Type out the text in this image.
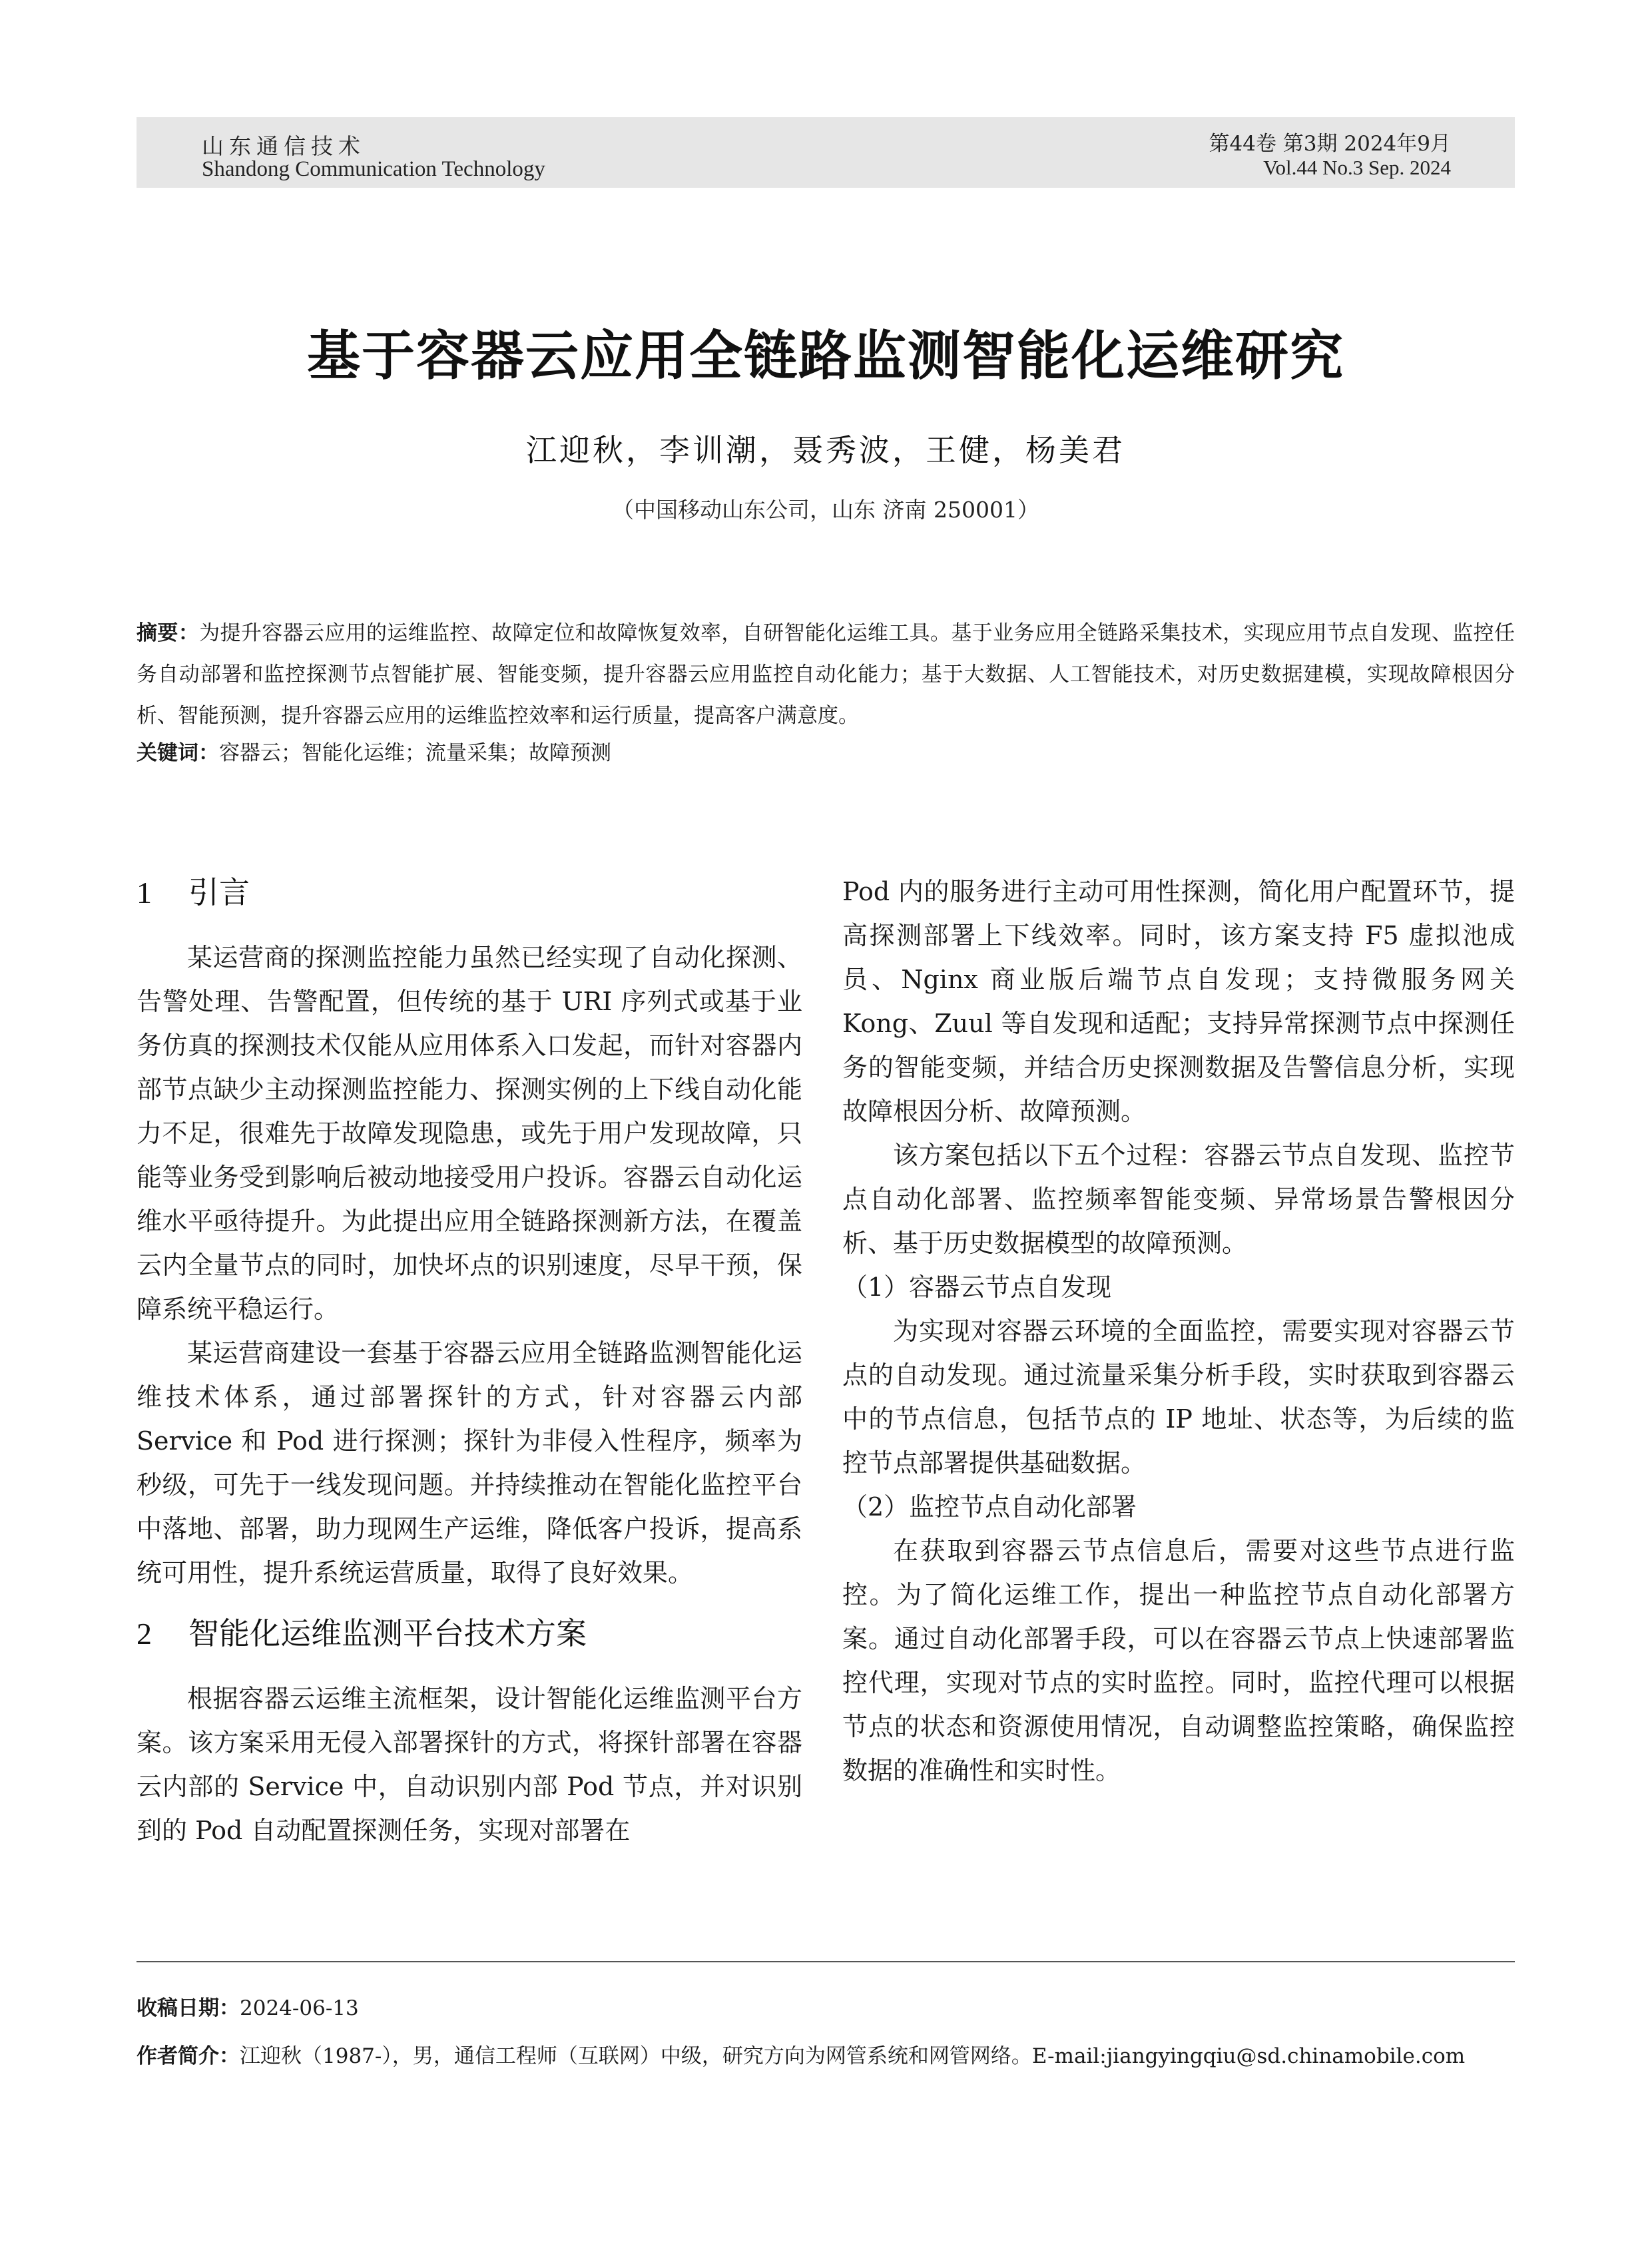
山东通信技术
Shandong Communication Technology
第44卷 第3期 2024年9月
Vol.44 No.3 Sep. 2024
基于容器云应用全链路监测智能化运维研究
江迎秋，李训潮，聂秀波，王健，杨美君
（中国移动山东公司，山东 济南 250001）
摘要：为提升容器云应用的运维监控、故障定位和故障恢复效率，自研智能化运维工具。基于业务应用全链路采集技术，实现应用节点自发现、监控任务自动部署和监控探测节点智能扩展、智能变频，提升容器云应用监控自动化能力；基于大数据、人工智能技术，对历史数据建模，实现故障根因分析、智能预测，提升容器云应用的运维监控效率和运行质量，提高客户满意度。
关键词：容器云；智能化运维；流量采集；故障预测
1 引言

某运营商的探测监控能力虽然已经实现了自动化探测、告警处理、告警配置，但传统的基于 URI 序列式或基于业务仿真的探测技术仅能从应用体系入口发起，而针对容器内部节点缺少主动探测监控能力、探测实例的上下线自动化能力不足，很难先于故障发现隐患，或先于用户发现故障，只能等业务受到影响后被动地接受用户投诉。容器云自动化运维水平亟待提升。为此提出应用全链路探测新方法，在覆盖云内全量节点的同时，加快坏点的识别速度，尽早干预，保障系统平稳运行。

某运营商建设一套基于容器云应用全链路监测智能化运维技术体系，通过部署探针的方式，针对容器云内部 Service 和 Pod 进行探测；探针为非侵入性程序，频率为秒级，可先于一线发现问题。并持续推动在智能化监控平台中落地、部署，助力现网生产运维，降低客户投诉，提高系统可用性，提升系统运营质量，取得了良好效果。

2 智能化运维监测平台技术方案

根据容器云运维主流框架，设计智能化运维监测平台方案。该方案采用无侵入部署探针的方式，将探针部署在容器云内部的 Service 中，自动识别内部 Pod 节点，并对识别到的 Pod 自动配置探测任务，实现对部署在

Pod 内的服务进行主动可用性探测，简化用户配置环节，提高探测部署上下线效率。同时，该方案支持 F5 虚拟池成员、Nginx 商业版后端节点自发现；支持微服务网关 Kong、Zuul 等自发现和适配；支持异常探测节点中探测任务的智能变频，并结合历史探测数据及告警信息分析，实现故障根因分析、故障预测。

该方案包括以下五个过程：容器云节点自发现、监控节点自动化部署、监控频率智能变频、异常场景告警根因分析、基于历史数据模型的故障预测。

（1）容器云节点自发现

为实现对容器云环境的全面监控，需要实现对容器云节点的自动发现。通过流量采集分析手段，实时获取到容器云中的节点信息，包括节点的 IP 地址、状态等，为后续的监控节点部署提供基础数据。

（2）监控节点自动化部署

在获取到容器云节点信息后，需要对这些节点进行监控。为了简化运维工作，提出一种监控节点自动化部署方案。通过自动化部署手段，可以在容器云节点上快速部署监控代理，实现对节点的实时监控。同时，监控代理可以根据节点的状态和资源使用情况，自动调整监控策略，确保监控数据的准确性和实时性。

收稿日期：2024-06-13
作者简介：江迎秋（1987-），男，通信工程师（互联网）中级，研究方向为网管系统和网管网络。E-mail:jiangyingqiu@sd.chinamobile.com
